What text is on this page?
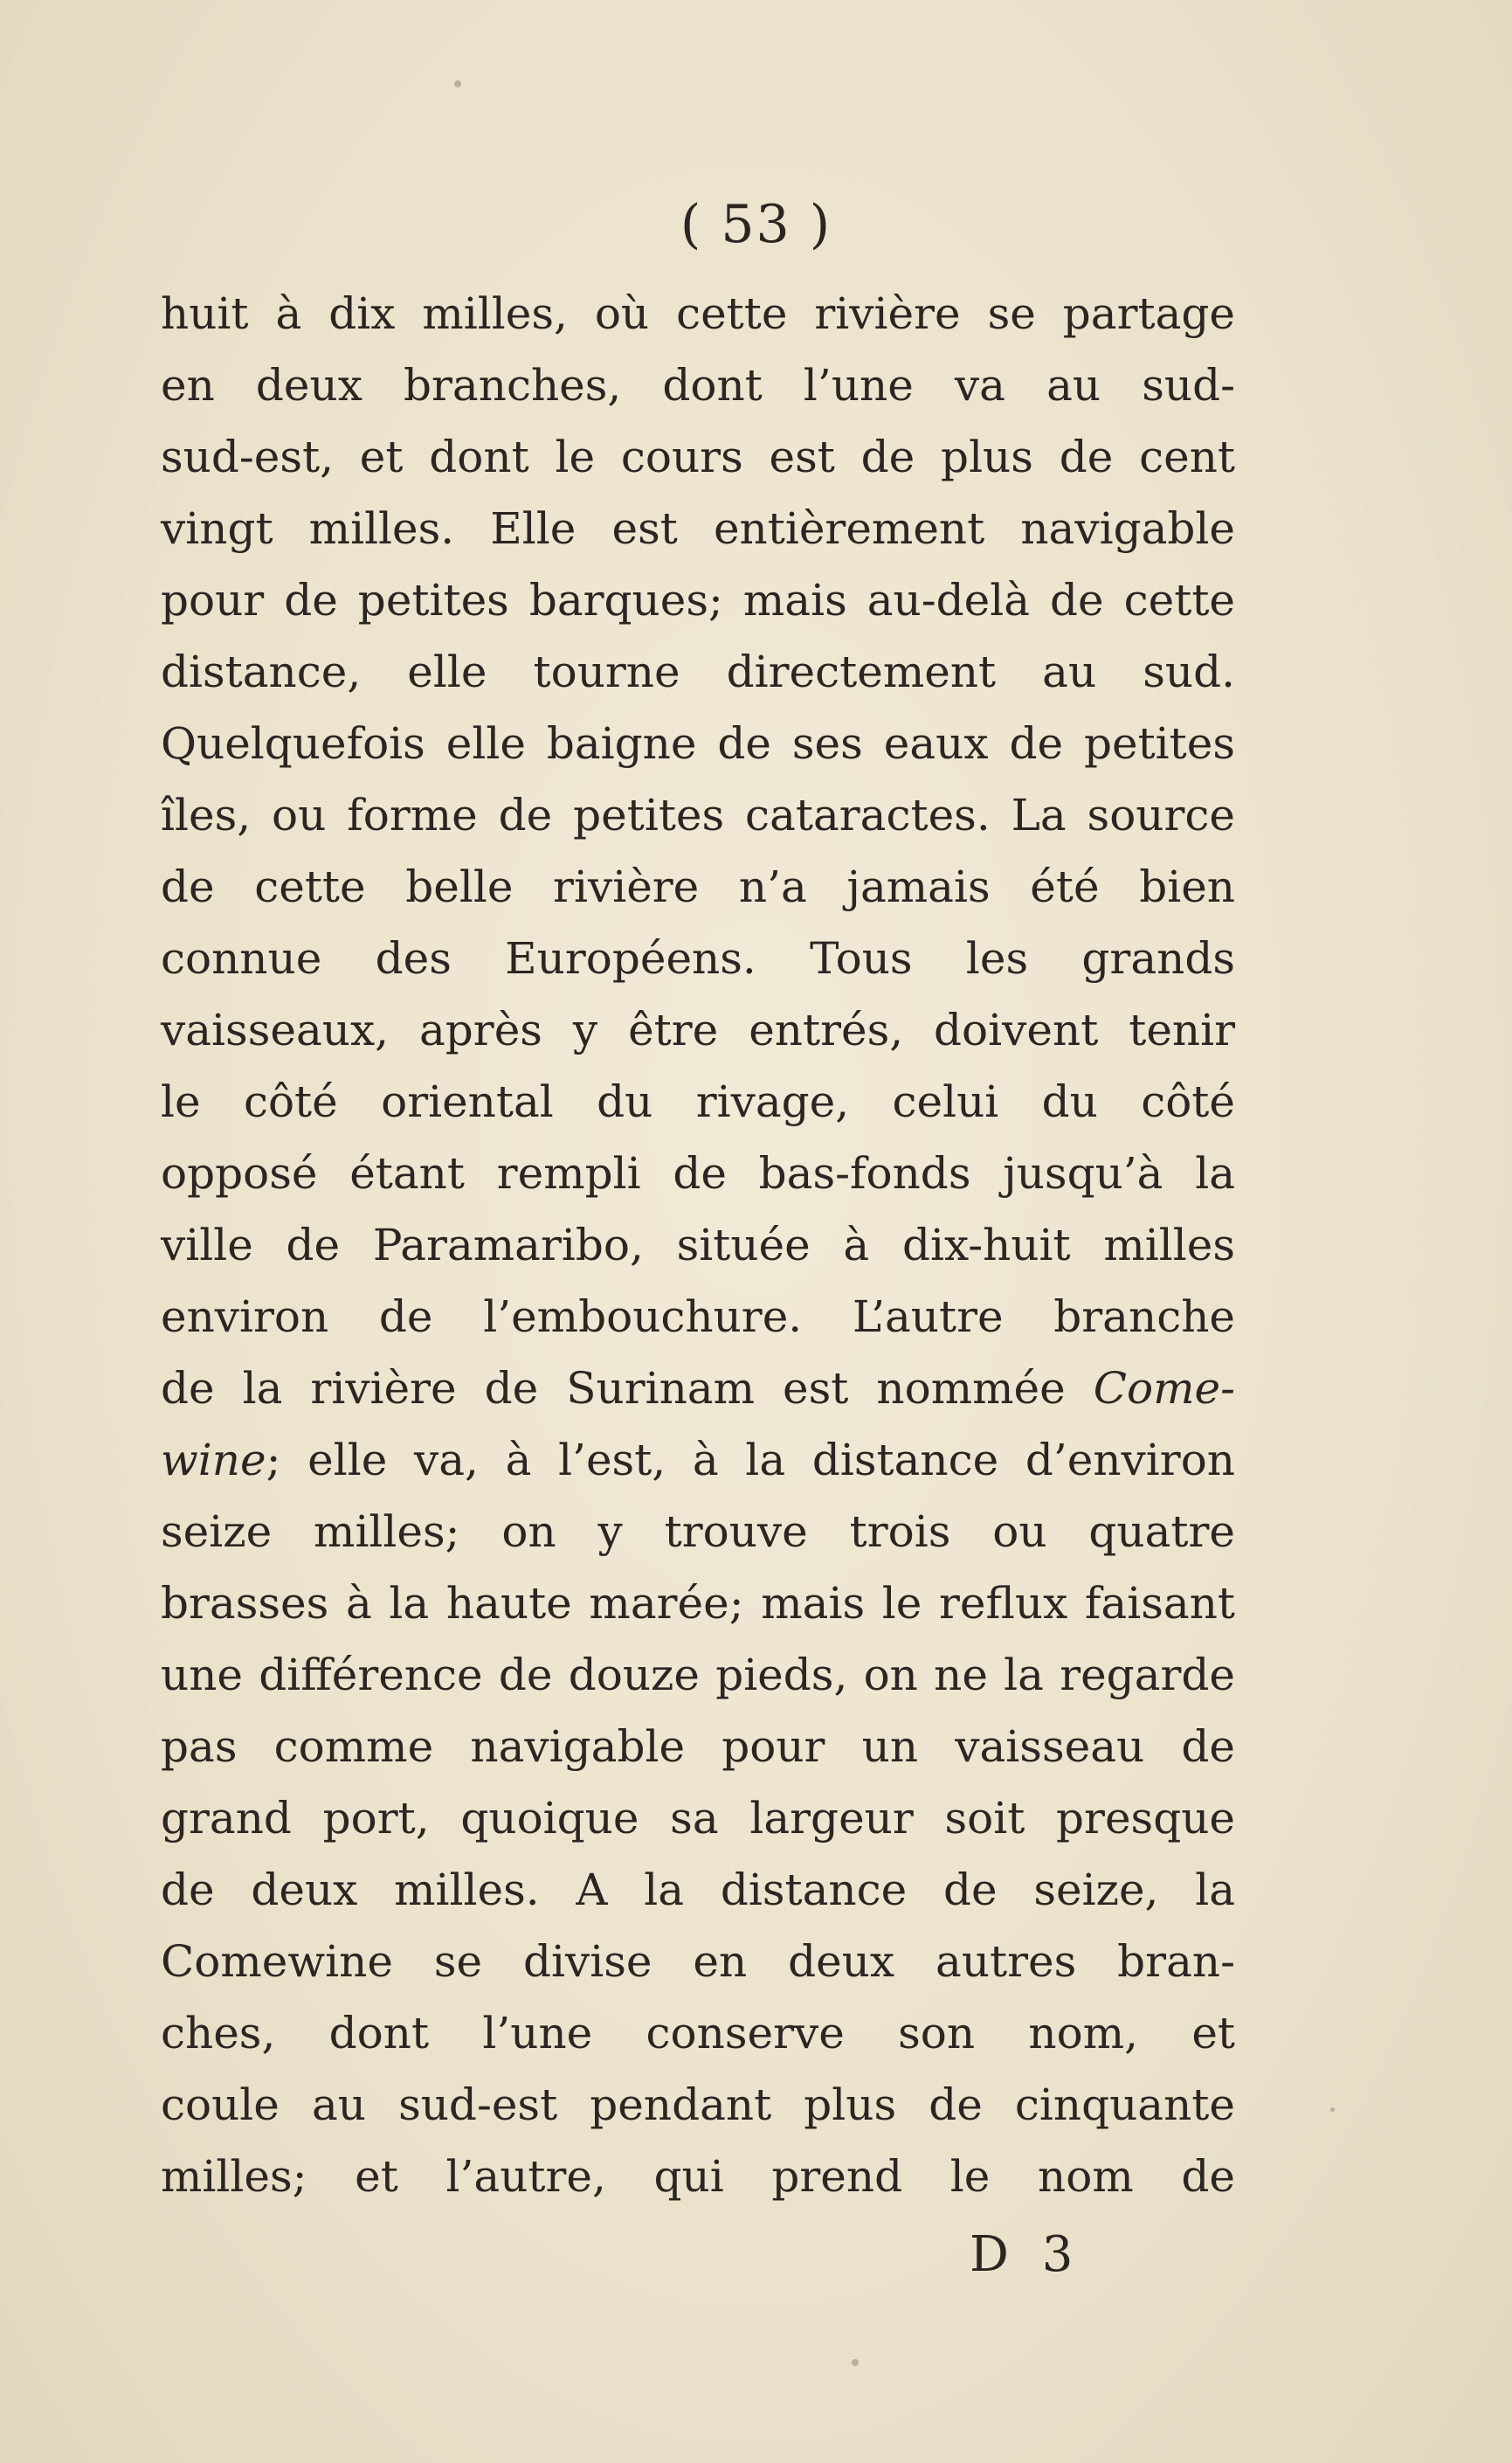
( 53 )

huit à dix milles, où cette rivière se partage
en deux branches, dont l’une va au sud-
sud-est, et dont le cours est de plus de cent
vingt milles. Elle est entièrement navigable
pour de petites barques; mais au-delà de cette
distance, elle tourne directement au sud.
Quelquefois elle baigne de ses eaux de petites
îles, ou forme de petites cataractes. La source
de cette belle rivière n’a jamais été bien
connue des Européens. Tous les grands
vaisseaux, après y être entrés, doivent tenir
le côté oriental du rivage, celui du côté
opposé étant rempli de bas-fonds jusqu’à la
ville de Paramaribo, située à dix-huit milles
environ de l’embouchure. L’autre branche
de la rivière de Surinam est nommée Come-
wine; elle va, à l’est, à la distance d’environ
seize milles; on y trouve trois ou quatre
brasses à la haute marée; mais le reflux faisant
une différence de douze pieds, on ne la regarde
pas comme navigable pour un vaisseau de
grand port, quoique sa largeur soit presque
de deux milles. A la distance de seize, la
Comewine se divise en deux autres bran-
ches, dont l’une conserve son nom, et
coule au sud-est pendant plus de cinquante
milles; et l’autre, qui prend le nom de

D 3
